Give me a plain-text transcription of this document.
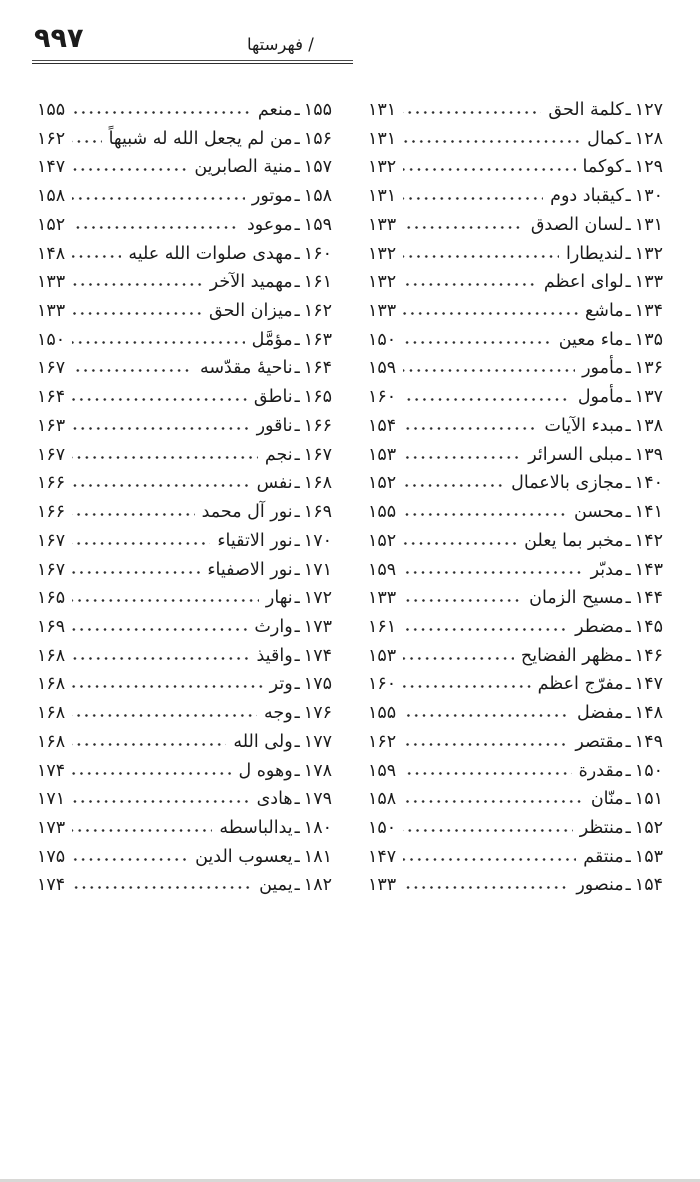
۹۹۷	/ فهرستها
۱۲۷
ـ
كلمة الحق
۱۳۱
۱۲۸
ـ
كمال
۱۳۱
۱۲۹
ـ
كوكما
۱۳۲
۱۳۰
ـ
كيقباد دوم
۱۳۱
۱۳۱
ـ
لسان الصدق
۱۳۳
۱۳۲
ـ
لنديطارا
۱۳۲
۱۳۳
ـ
لواى اعظم
۱۳۲
۱۳۴
ـ
ماشع
۱۳۳
۱۳۵
ـ
ماء معين
۱۵۰
۱۳۶
ـ
مأمور
۱۵۹
۱۳۷
ـ
مأمول
۱۶۰
۱۳۸
ـ
مبدء الآيات
۱۵۴
۱۳۹
ـ
مبلى السرائر
۱۵۳
۱۴۰
ـ
مجازى بالاعمال
۱۵۲
۱۴۱
ـ
محسن
۱۵۵
۱۴۲
ـ
مخبر بما يعلن
۱۵۲
۱۴۳
ـ
مدبّر
۱۵۹
۱۴۴
ـ
مسيح الزمان
۱۳۳
۱۴۵
ـ
مضطر
۱۶۱
۱۴۶
ـ
مظهر الفضايح
۱۵۳
۱۴۷
ـ
مفرّج اعظم
۱۶۰
۱۴۸
ـ
مفضل
۱۵۵
۱۴۹
ـ
مقتصر
۱۶۲
۱۵۰
ـ
مقدرة
۱۵۹
۱۵۱
ـ
منّان
۱۵۸
۱۵۲
ـ
منتظر
۱۵۰
۱۵۳
ـ
منتقم
۱۴۷
۱۵۴
ـ
منصور
۱۳۳
۱۵۵
ـ
منعم
۱۵۵
۱۵۶
ـ
من لم يجعل الله له شبيهاً
۱۶۲
۱۵۷
ـ
منية الصابرين
۱۴۷
۱۵۸
ـ
موتور
۱۵۸
۱۵۹
ـ
موعود
۱۵۲
۱۶۰
ـ
مهدى صلوات الله عليه
۱۴۸
۱۶۱
ـ
مهميد الآخر
۱۳۳
۱۶۲
ـ
ميزان الحق
۱۳۳
۱۶۳
ـ
مؤمَّل
۱۵۰
۱۶۴
ـ
ناحيهٔ مقدّسه
۱۶۷
۱۶۵
ـ
ناطق
۱۶۴
۱۶۶
ـ
ناقور
۱۶۳
۱۶۷
ـ
نجم
۱۶۷
۱۶۸
ـ
نفس
۱۶۶
۱۶۹
ـ
نور آل محمد
۱۶۶
۱۷۰
ـ
نور الاتقياء
۱۶۷
۱۷۱
ـ
نور الاصفياء
۱۶۷
۱۷۲
ـ
نهار
۱۶۵
۱۷۳
ـ
وارث
۱۶۹
۱۷۴
ـ
واقيذ
۱۶۸
۱۷۵
ـ
وتر
۱۶۸
۱۷۶
ـ
وجه
۱۶۸
۱۷۷
ـ
ولى الله
۱۶۸
۱۷۸
ـ
وهوه ل
۱۷۴
۱۷۹
ـ
هادى
۱۷۱
۱۸۰
ـ
يدالباسطه
۱۷۳
۱۸۱
ـ
يعسوب الدين
۱۷۵
۱۸۲
ـ
يمين
۱۷۴
